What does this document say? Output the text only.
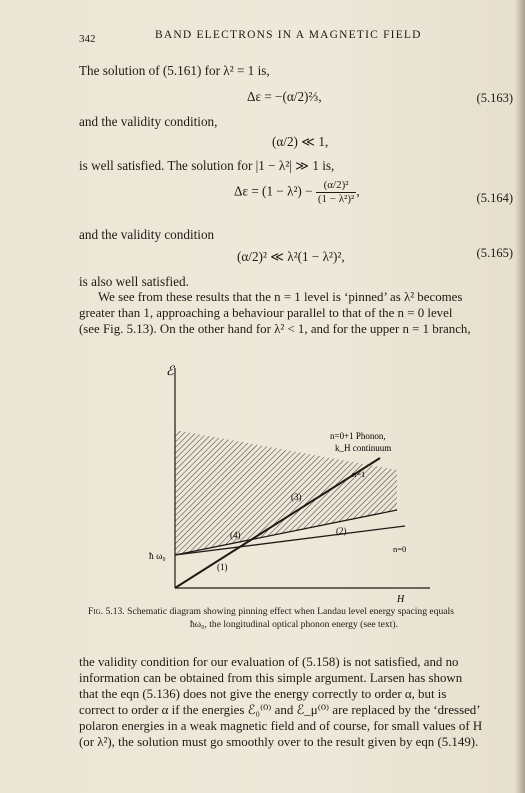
342	BAND ELECTRONS IN A MAGNETIC FIELD
The solution of (5.161) for λ² = 1 is,
Δε = −(α/2)⅔,	(5.163)
and the validity condition,
(α/2) ≪ 1,
is well satisfied. The solution for |1 − λ²| ≫ 1 is,
$\Delta\varepsilon = (1 - \lambda^2) - \frac{\text{(α/2)²}}{\text{(1 − λ²)²}}$ ,	(5.164)
and the validity condition
(α/2)² ≪ λ²(1 − λ²)²,	(5.165)
is also well satisfied.
We see from these results that the n = 1 level is ‘pinned’ as λ² becomes
greater than 1, approaching a behaviour parallel to that of the n = 0 level
(see Fig. 5.13). On the other hand for λ² < 1, and for the upper n = 1 branch,
ℰ
H
ħ ω₀
n=0+1 Phonon,
k_H continuum
n=1
n=0
(1)
(2)
(3)
(4)
Fig. 5.13. Schematic diagram showing pinning effect when Landau level energy spacing equals
ħω₀, the longitudinal optical phonon energy (see text).
the validity condition for our evaluation of (5.158) is not satisfied, and no
information can be obtained from this simple argument. Larsen has shown
that the eqn (5.136) does not give the energy correctly to order α, but is
correct to order α if the energies ℰ₀⁽⁰⁾ and ℰ_μ⁽⁰⁾ are replaced by the ‘dressed’
polaron energies in a weak magnetic field and of course, for small values of H
(or λ²), the solution must go smoothly over to the result given by eqn (5.149).
